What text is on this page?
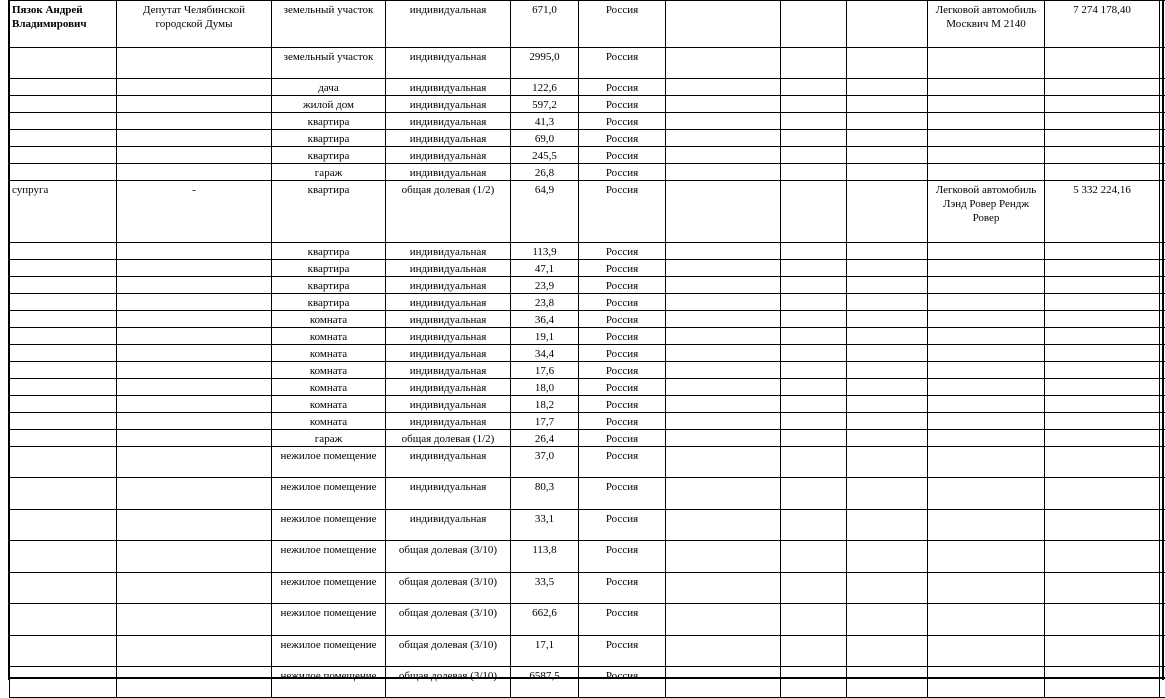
Пязок Андрей Владимирович	Депутат Челябинской городской Думы	земельный участок	индивидуальная	671,0	Россия				Легковой автомобиль Москвич М 2140	7 274 178,40	
		земельный участок	индивидуальная	2995,0	Россия						
		дача	индивидуальная	122,6	Россия						
		жилой дом	индивидуальная	597,2	Россия						
		квартира	индивидуальная	41,3	Россия						
		квартира	индивидуальная	69,0	Россия						
		квартира	индивидуальная	245,5	Россия						
		гараж	индивидуальная	26,8	Россия						
супруга	-	квартира	общая долевая (1/2)	64,9	Россия				Легковой автомобиль Лэнд Ровер Рендж Ровер	5 332 224,16	
		квартира	индивидуальная	113,9	Россия						
		квартира	индивидуальная	47,1	Россия						
		квартира	индивидуальная	23,9	Россия						
		квартира	индивидуальная	23,8	Россия						
		комната	индивидуальная	36,4	Россия						
		комната	индивидуальная	19,1	Россия						
		комната	индивидуальная	34,4	Россия						
		комната	индивидуальная	17,6	Россия						
		комната	индивидуальная	18,0	Россия						
		комната	индивидуальная	18,2	Россия						
		комната	индивидуальная	17,7	Россия						
		гараж	общая долевая (1/2)	26,4	Россия						
		нежилое помещение	индивидуальная	37,0	Россия						
		нежилое помещение	индивидуальная	80,3	Россия						
		нежилое помещение	индивидуальная	33,1	Россия						
		нежилое помещение	общая долевая (3/10)	113,8	Россия						
		нежилое помещение	общая долевая (3/10)	33,5	Россия						
		нежилое помещение	общая долевая (3/10)	662,6	Россия						
		нежилое помещение	общая долевая (3/10)	17,1	Россия						
		нежилое помещение	общая долевая (3/10)	6587,5	Россия						
